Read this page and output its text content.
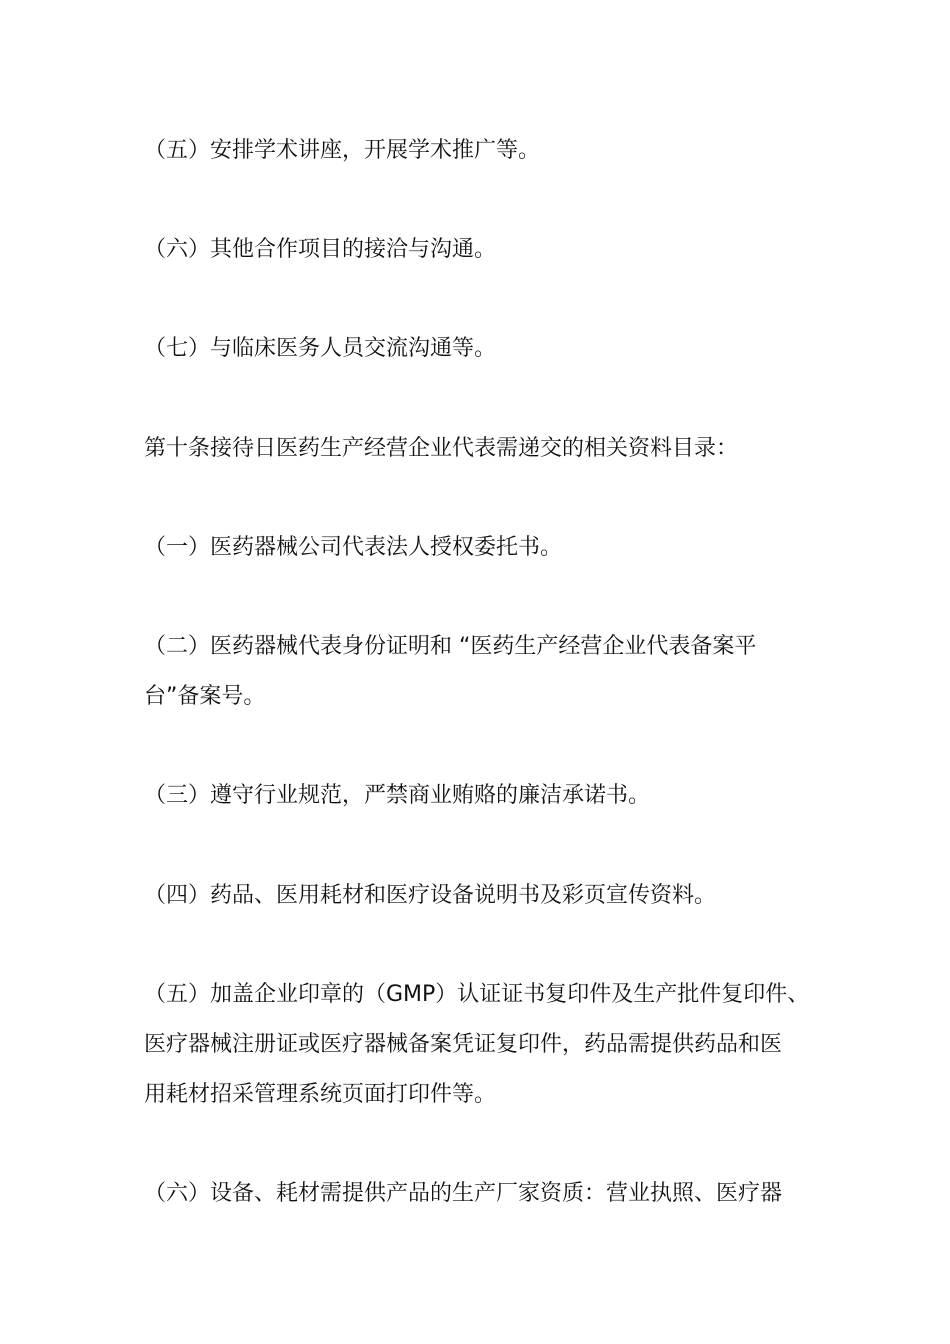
（五）安排学术讲座，开展学术推广等。

（六）其他合作项目的接洽与沟通。

（七）与临床医务人员交流沟通等。

第十条接待日医药生产经营企业代表需递交的相关资料目录：

（一）医药器械公司代表法人授权委托书。

（二）医药器械代表身份证明和 “医药生产经营企业代表备案平

台”备案号。

（三）遵守行业规范，严禁商业贿赂的廉洁承诺书。

（四）药品、医用耗材和医疗设备说明书及彩页宣传资料。

（五）加盖企业印章的（GMP）认证证书复印件及生产批件复印件、

医疗器械注册证或医疗器械备案凭证复印件，药品需提供药品和医

用耗材招采管理系统页面打印件等。

（六）设备、耗材需提供产品的生产厂家资质：营业执照、医疗器
